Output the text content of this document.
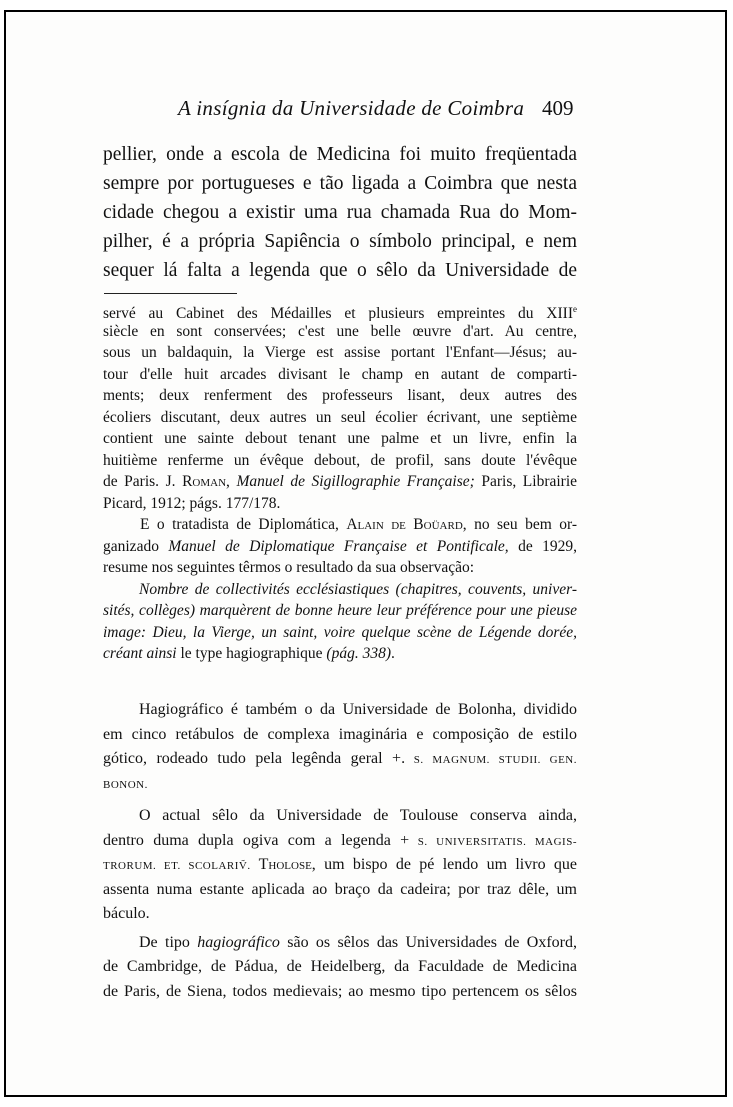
A insígnia da Universidade de Coimbra 409
pellier, onde a escola de Medicina foi muito freqüentada
sempre por portugueses e tão ligada a Coimbra que nesta
cidade chegou a existir uma rua chamada Rua do Mom-
pilher, é a própria Sapiência o símbolo principal, e nem
sequer lá falta a legenda que o sêlo da Universidade de
servé au Cabinet des Médailles et plusieurs empreintes du XIIIe
siècle en sont conservées; c'est une belle œuvre d'art. Au centre,
sous un baldaquin, la Vierge est assise portant l'Enfant—Jésus; au-
tour d'elle huit arcades divisant le champ en autant de comparti-
ments; deux renferment des professeurs lisant, deux autres des
écoliers discutant, deux autres un seul écolier écrivant, une septième
contient une sainte debout tenant une palme et un livre, enfin la
huitième renferme un évêque debout, de profil, sans doute l'évêque
de Paris. J. Roman, Manuel de Sigillographie Française; Paris, Librairie
Picard, 1912; págs. 177/178.
E o tratadista de Diplomática, Alain de Boüard, no seu bem or-
ganizado Manuel de Diplomatique Française et Pontificale, de 1929,
resume nos seguintes têrmos o resultado da sua observação:
Nombre de collectivités ecclésiastiques (chapitres, couvents, univer-
sités, collèges) marquèrent de bonne heure leur préférence pour une pieuse
image: Dieu, la Vierge, un saint, voire quelque scène de Légende dorée,
créant ainsi le type hagiographique (pág. 338).
Hagiográfico é também o da Universidade de Bolonha, dividido
em cinco retábulos de complexa imaginária e composição de estilo
gótico, rodeado tudo pela legênda geral +. S. MAGNUM. STUDII. GEN.
BONON.
O actual sêlo da Universidade de Toulouse conserva ainda,
dentro duma dupla ogiva com a legenda + S. UNIVERSITATIS. MAGIS-
TRORUM. ET. SCOLARIṼ. Tholose, um bispo de pé lendo um livro que
assenta numa estante aplicada ao braço da cadeira; por traz dêle, um
báculo.
De tipo hagiográfico são os sêlos das Universidades de Oxford,
de Cambridge, de Pádua, de Heidelberg, da Faculdade de Medicina
de Paris, de Siena, todos medievais; ao mesmo tipo pertencem os sêlos
